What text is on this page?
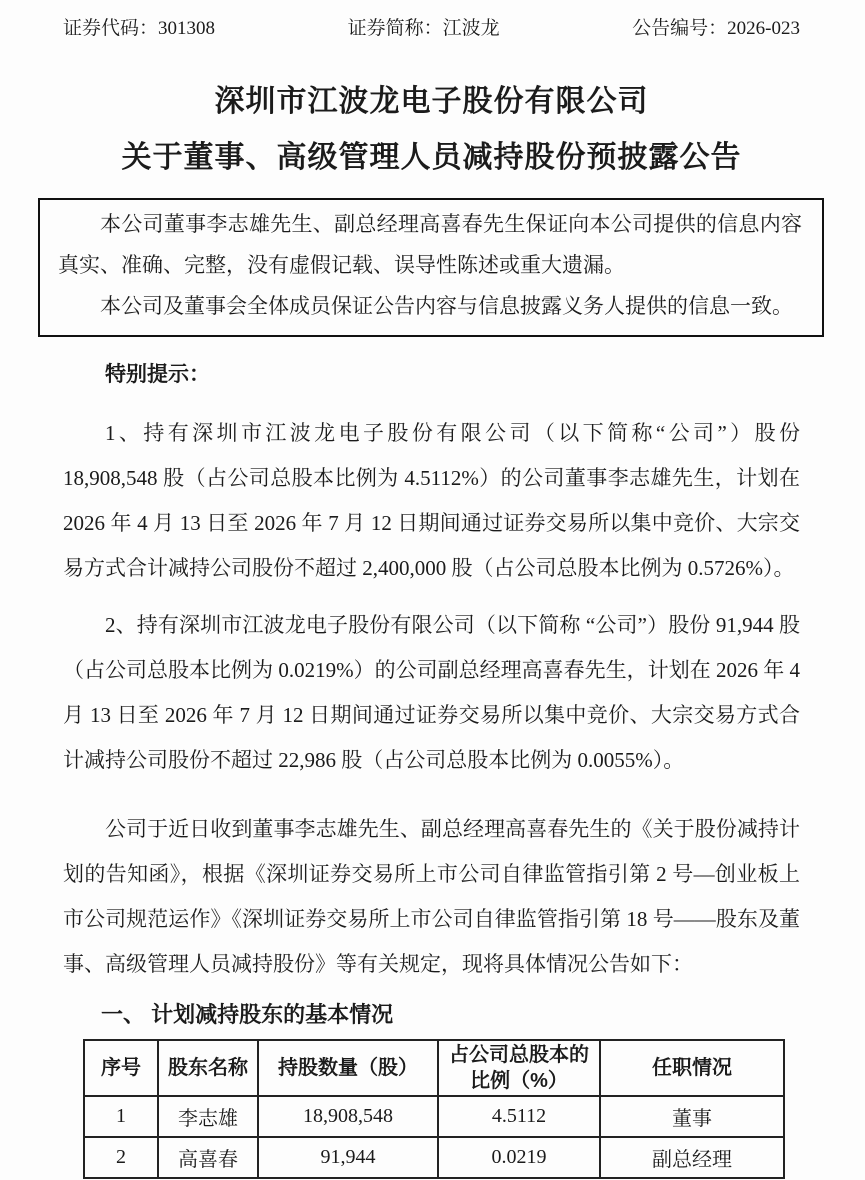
证券代码：301308	证券简称：江波龙	公告编号：2026-023
深圳市江波龙电子股份有限公司
关于董事、高级管理人员减持股份预披露公告

本公司董事李志雄先生、副总经理高喜春先生保证向本公司提供的信息内容真实、准确、完整，没有虚假记载、误导性陈述或重大遗漏。

本公司及董事会全体成员保证公告内容与信息披露义务人提供的信息一致。

特别提示：

1、持有深圳市江波龙电子股份有限公司（以下简称“公司”）股份 18,908,548 股（占公司总股本比例为 4.5112%）的公司董事李志雄先生，计划在 2026 年 4 月 13 日至 2026 年 7 月 12 日期间通过证券交易所以集中竞价、大宗交易方式合计减持公司股份不超过 2,400,000 股（占公司总股本比例为 0.5726%）。

2、持有深圳市江波龙电子股份有限公司（以下简称 “公司”）股份 91,944 股（占公司总股本比例为 0.0219%）的公司副总经理高喜春先生，计划在 2026 年 4 月 13 日至 2026 年 7 月 12 日期间通过证券交易所以集中竞价、大宗交易方式合计减持公司股份不超过 22,986 股（占公司总股本比例为 0.0055%）。

公司于近日收到董事李志雄先生、副总经理高喜春先生的《关于股份减持计划的告知函》，根据《深圳证券交易所上市公司自律监管指引第 2 号—创业板上市公司规范运作》《深圳证券交易所上市公司自律监管指引第 18 号——股东及董事、高级管理人员减持股份》等有关规定，现将具体情况公告如下：

一、 计划减持股东的基本情况
序号	股东名称	持股数量（股）	占公司总股本的比例（%）	任职情况
1	李志雄	18,908,548	4.5112	董事
2	高喜春	91,944	0.0219	副总经理
